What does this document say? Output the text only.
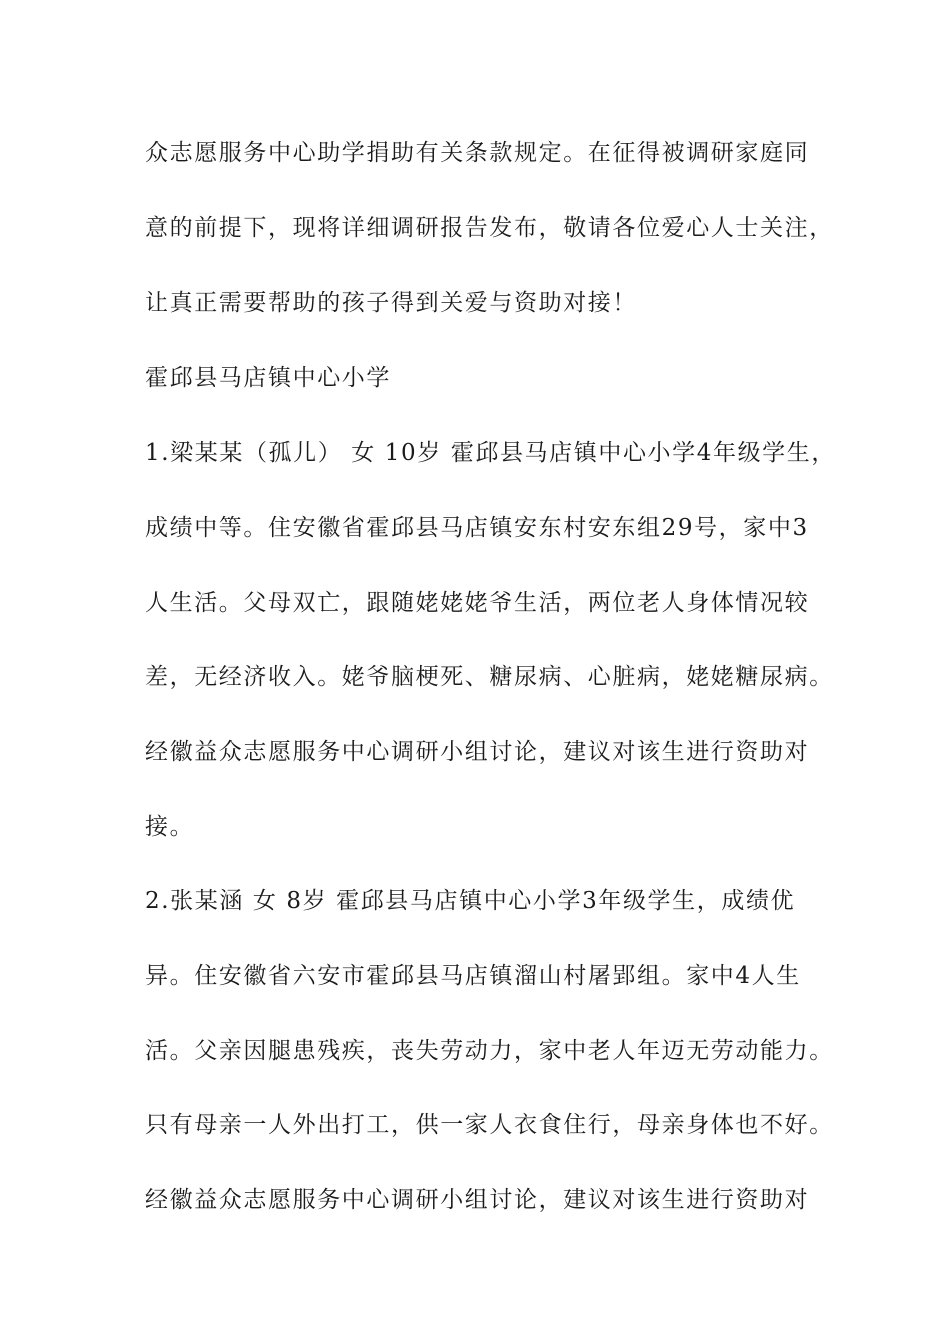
众志愿服务中心助学捐助有关条款规定。在征得被调研家庭同

意的前提下，现将详细调研报告发布，敬请各位爱心人士关注，

让真正需要帮助的孩子得到关爱与资助对接！

霍邱县马店镇中心小学

1.梁某某（孤儿） 女 10岁 霍邱县马店镇中心小学4年级学生，

成绩中等。住安徽省霍邱县马店镇安东村安东组29号，家中3

人生活。父母双亡，跟随姥姥姥爷生活，两位老人身体情况较

差，无经济收入。姥爷脑梗死、糖尿病、心脏病，姥姥糖尿病。

经徽益众志愿服务中心调研小组讨论，建议对该生进行资助对

接。

2.张某涵 女 8岁 霍邱县马店镇中心小学3年级学生，成绩优

异。住安徽省六安市霍邱县马店镇溜山村屠郢组。家中4人生

活。父亲因腿患残疾，丧失劳动力，家中老人年迈无劳动能力。

只有母亲一人外出打工，供一家人衣食住行，母亲身体也不好。

经徽益众志愿服务中心调研小组讨论，建议对该生进行资助对
